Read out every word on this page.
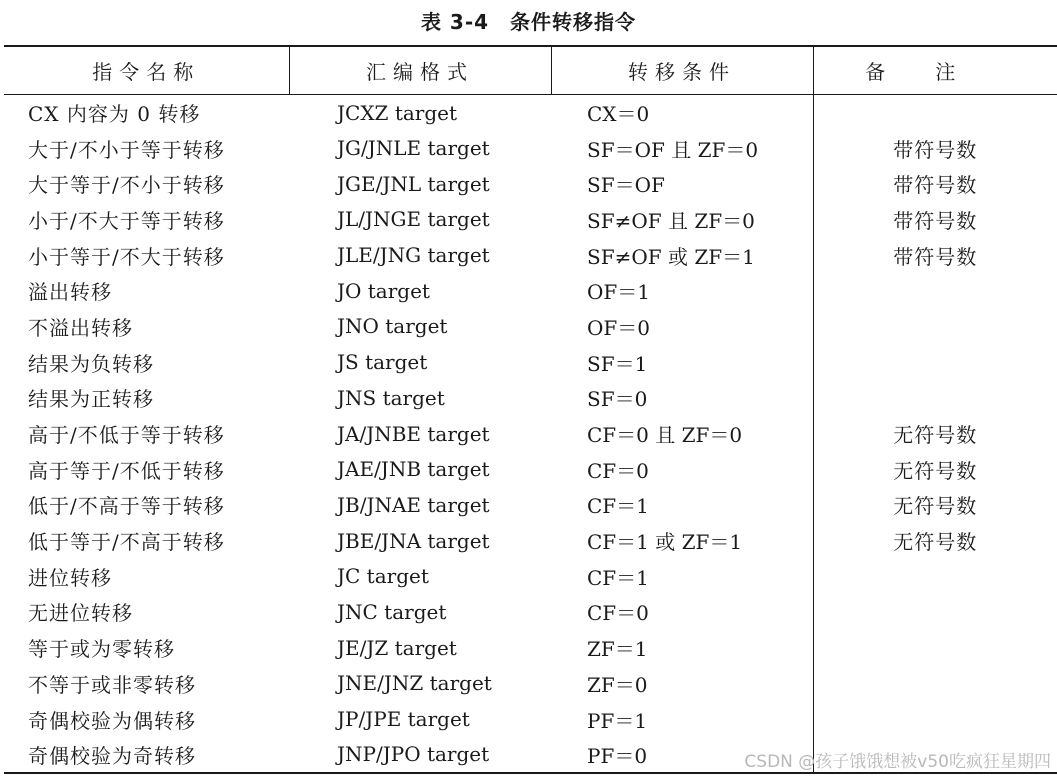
表 3-4　条件转移指令
指令名称	汇编格式	转移条件	备注
CX 内容为 0 转移	JCXZ target	CX＝0	
大于/不小于等于转移	JG/JNLE target	SF＝OF 且 ZF＝0	带符号数
大于等于/不小于转移	JGE/JNL target	SF＝OF	带符号数
小于/不大于等于转移	JL/JNGE target	SF≠OF 且 ZF＝0	带符号数
小于等于/不大于转移	JLE/JNG target	SF≠OF 或 ZF＝1	带符号数
溢出转移	JO target	OF＝1	
不溢出转移	JNO target	OF＝0	
结果为负转移	JS target	SF＝1	
结果为正转移	JNS target	SF＝0	
高于/不低于等于转移	JA/JNBE target	CF＝0 且 ZF＝0	无符号数
高于等于/不低于转移	JAE/JNB target	CF＝0	无符号数
低于/不高于等于转移	JB/JNAE target	CF＝1	无符号数
低于等于/不高于转移	JBE/JNA target	CF＝1 或 ZF＝1	无符号数
进位转移	JC target	CF＝1	
无进位转移	JNC target	CF＝0	
等于或为零转移	JE/JZ target	ZF＝1	
不等于或非零转移	JNE/JNZ target	ZF＝0	
奇偶校验为偶转移	JP/JPE target	PF＝1	
奇偶校验为奇转移	JNP/JPO target	PF＝0		CSDN @孩子饿饿想被v50吃疯狂星期四
